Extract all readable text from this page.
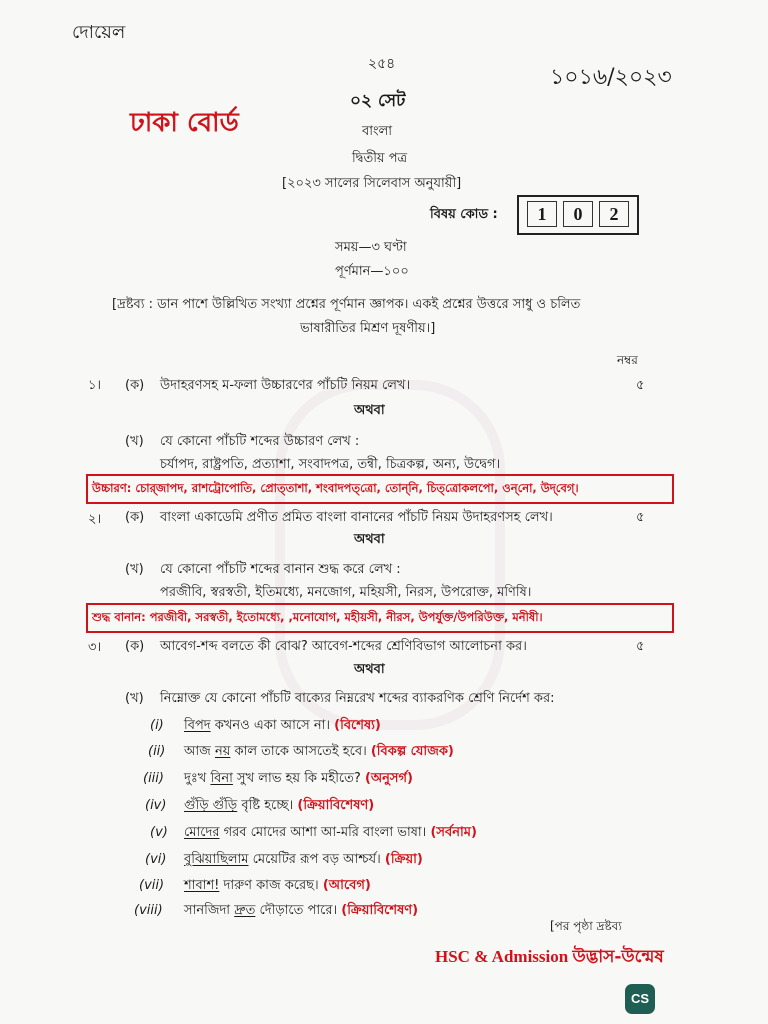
দোয়েল
২৫৪
১০১৬/২০২৩
ঢাকা বোর্ড
০২ সেট
বাংলা
দ্বিতীয় পত্র
[২০২৩ সালের সিলেবাস অনুযায়ী]
বিষয় কোড :	1	0	2
সময়—৩ ঘণ্টা
পূর্ণমান—১০০
[দ্রষ্টব্য : ডান পাশে উল্লিখিত সংখ্যা প্রশ্নের পূর্ণমান জ্ঞাপক। একই প্রশ্নের উত্তরে সাধু ও চলিত
ভাষারীতির মিশ্রণ দূষণীয়।]
নম্বর
১। (ক) উদাহরণসহ ম-ফলা উচ্চারণের পাঁচটি নিয়ম লেখ।	৫
অথবা
(খ) যে কোনো পাঁচটি শব্দের উচ্চারণ লেখ :
চর্যাপদ, রাষ্ট্রপতি, প্রত্যাশা, সংবাদপত্র, তন্বী, চিত্রকল্প, অন্য, উদ্বেগ।
উচ্চারণ: চোর্‌জাপদ, রাশট্রোপোতি, প্রোত্‌তাশা, শংবাদপত্‌ত্রো, তোন্‌নি, চিত্‌ত্রোকলপো, ওন্‌নো, উদ্‌বেগ্‌।
২। (ক) বাংলা একাডেমি প্রণীত প্রমিত বাংলা বানানের পাঁচটি নিয়ম উদাহরণসহ লেখ।	৫
অথবা
(খ) যে কোনো পাঁচটি শব্দের বানান শুদ্ধ করে লেখ :
পরজীবি, স্বরস্বতী, ইতিমধ্যে, মনজোগ, মহিয়সী, নিরস, উপরোক্ত, মণিষি।
শুদ্ধ বানান: পরজীবী, সরস্বতী, ইতোমধ্যে, ,মনোযোগ, মহীয়সী, নীরস, উপর্যুক্ত/উপরিউক্ত, মনীষী।
৩। (ক) আবেগ-শব্দ বলতে কী বোঝ? আবেগ-শব্দের শ্রেণিবিভাগ আলোচনা কর।	৫
অথবা
(খ) নিম্নোক্ত যে কোনো পাঁচটি বাক্যের নিম্নরেখ শব্দের ব্যাকরণিক শ্রেণি নির্দেশ কর:
(i) বিপদ কখনও একা আসে না। (বিশেষ্য)
(ii) আজ নয় কাল তাকে আসতেই হবে। (বিকল্প যোজক)
(iii) দুঃখ বিনা সুখ লাভ হয় কি মহীতে? (অনুসর্গ)
(iv) গুঁড়ি গুঁড়ি বৃষ্টি হচ্ছে। (ক্রিয়াবিশেষণ)
(v) মোদের গরব মোদের আশা আ-মরি বাংলা ভাষা। (সর্বনাম)
(vi) বুঝিয়াছিলাম মেয়েটির রূপ বড় আশ্চর্য। (ক্রিয়া)
(vii) শাবাশ! দারুণ কাজ করেছ। (আবেগ)
(viii) সানজিদা দ্রুত দৌড়াতে পারে। (ক্রিয়াবিশেষণ)
[পর পৃষ্ঠা দ্রষ্টব্য
HSC & Admission উদ্ভাস-উন্মেষ
CS
